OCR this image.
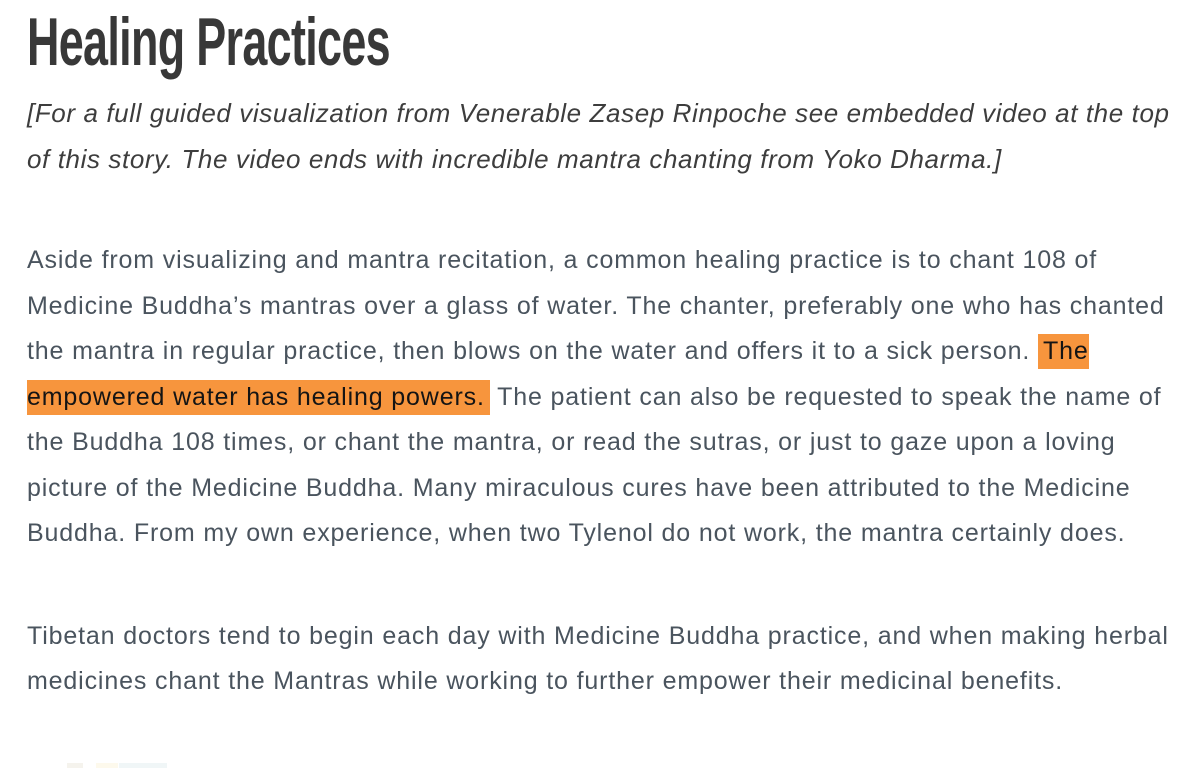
Healing Practices

[For a full guided visualization from Venerable Zasep Rinpoche see embedded video at the top of this story. The video ends with incredible mantra chanting from Yoko Dharma.]

Aside from visualizing and mantra recitation, a common healing practice is to chant 108 of Medicine Buddha’s mantras over a glass of water. The chanter, preferably one who has chanted the mantra in regular practice, then blows on the water and offers it to a sick person. The empowered water has healing powers. The patient can also be requested to speak the name of the Buddha 108 times, or chant the mantra, or read the sutras, or just to gaze upon a loving picture of the Medicine Buddha. Many miraculous cures have been attributed to the Medicine Buddha. From my own experience, when two Tylenol do not work, the mantra certainly does.

Tibetan doctors tend to begin each day with Medicine Buddha practice, and when making herbal medicines chant the Mantras while working to further empower their medicinal benefits.
